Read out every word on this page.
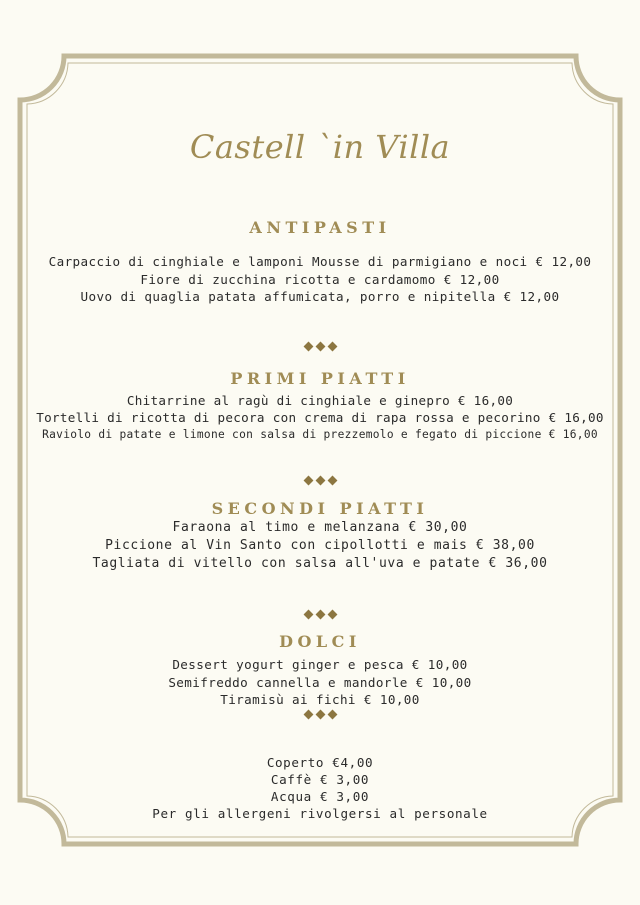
Castell `in Villa
ANTIPASTI
Carpaccio di cinghiale e lamponi Mousse di parmigiano e noci € 12,00
Fiore di zucchina ricotta e cardamomo € 12,00
Uovo di quaglia patata affumicata, porro e nipitella € 12,00
PRIMI PIATTI
Chitarrine al ragù di cinghiale e ginepro € 16,00
Tortelli di ricotta di pecora con crema di rapa rossa e pecorino € 16,00
Raviolo di patate e limone con salsa di prezzemolo e fegato di piccione € 16,00
SECONDI PIATTI
Faraona al timo e melanzana € 30,00
Piccione al Vin Santo con cipollotti e mais € 38,00
Tagliata di vitello con salsa all'uva e patate € 36,00
DOLCI
Dessert yogurt ginger e pesca € 10,00
Semifreddo cannella e mandorle € 10,00
Tiramisù ai fichi € 10,00
Coperto €4,00
Caffè € 3,00
Acqua € 3,00
Per gli allergeni rivolgersi al personale
